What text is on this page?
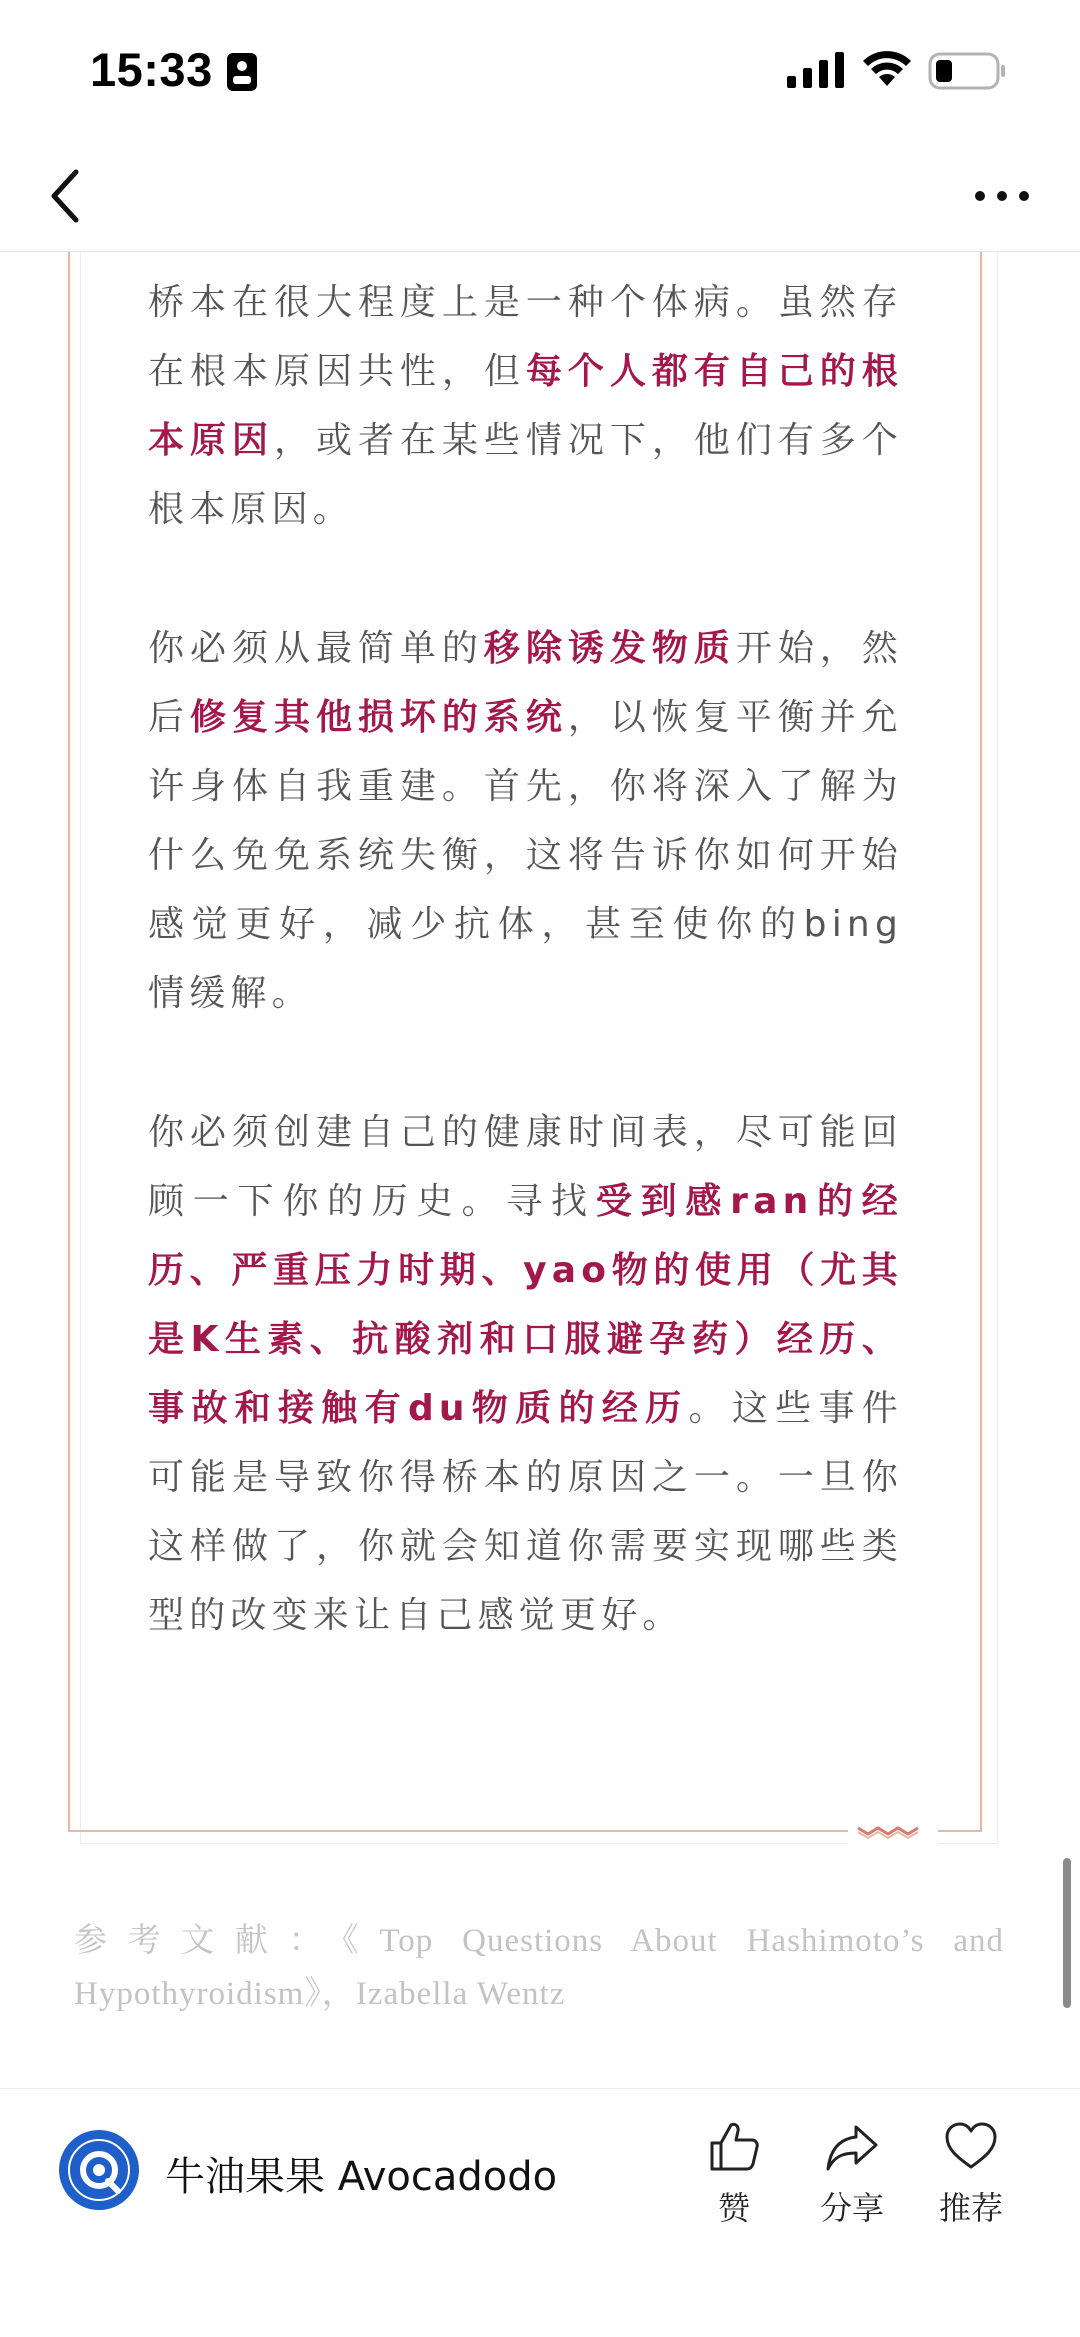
15:33

桥本在很大程度上是一种个体病。虽然存在根本原因共性，但每个人都有自己的根本原因，或者在某些情况下，他们有多个根本原因。

你必须从最简单的移除诱发物质开始，然后修复其他损坏的系统，以恢复平衡并允许身体自我重建。首先，你将深入了解为什么免免系统失衡，这将告诉你如何开始感觉更好，减少抗体，甚至使你的bing情缓解。

你必须创建自己的健康时间表，尽可能回顾一下你的历史。寻找受到感ran的经历、严重压力时期、yao物的使用（尤其是K生素、抗酸剂和口服避孕药）经历、事故和接触有du物质的经历。这些事件可能是导致你得桥本的原因之一。一旦你这样做了，你就会知道你需要实现哪些类型的改变来让自己感觉更好。

参考文献：《Top Questions About Hashimoto’s and Hypothyroidism》，Izabella Wentz
牛油果果 Avocadodo
赞	分享	推荐
